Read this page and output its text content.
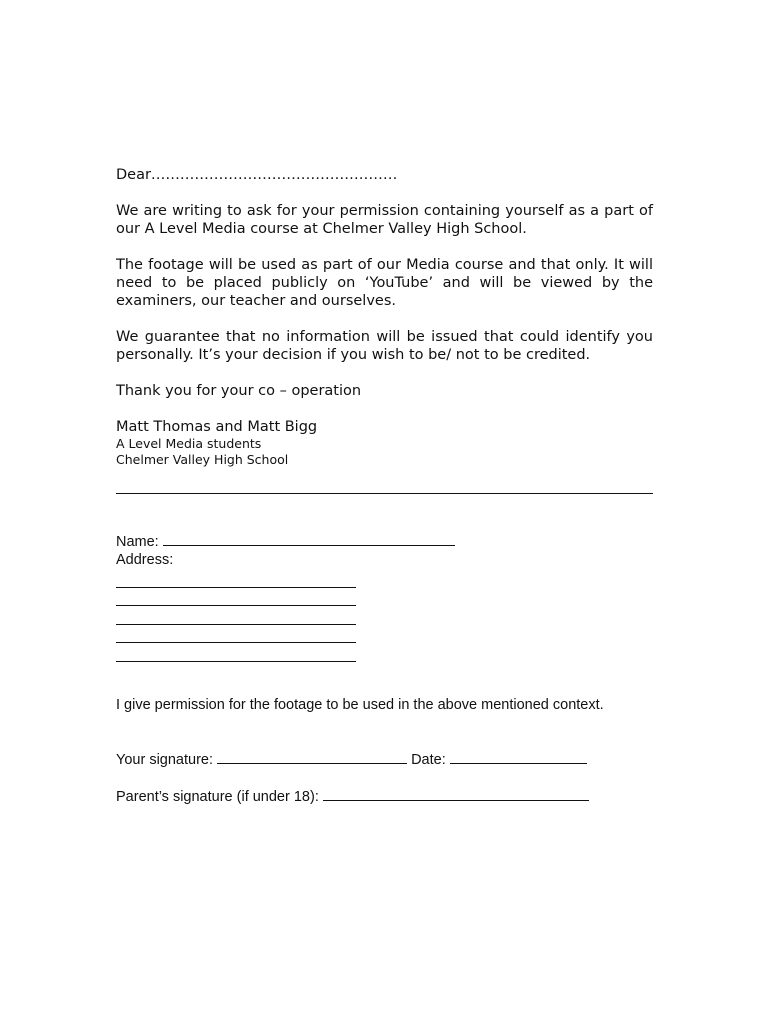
Dear……………………………………………

We are writing to ask for your permission containing yourself as a part of our A Level Media course at Chelmer Valley High School.

The footage will be used as part of our Media course and that only. It will need to be placed publicly on ‘YouTube’ and will be viewed by the examiners, our teacher and ourselves.

We guarantee that no information will be issued that could identify you personally. It’s your decision if you wish to be/ not to be credited.

Thank you for your co – operation

Matt Thomas and Matt Bigg

A Level Media students

Chelmer Valley High School

Name:
Address:

I give permission for the footage to be used in the above mentioned context.

Your signature:	Date:
Parent’s signature (if under 18):
